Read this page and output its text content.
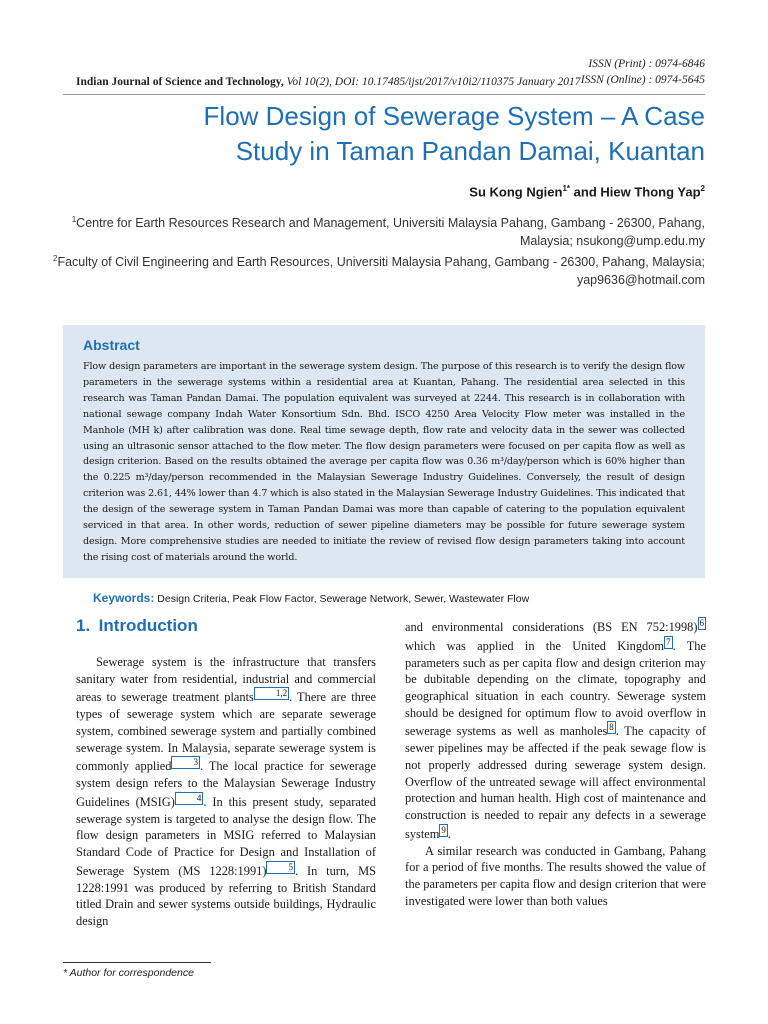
ISSN (Print) : 0974-6846
ISSN (Online) : 0974-5645
Indian Journal of Science and Technology, Vol 10(2), DOI: 10.17485/ijst/2017/v10i2/110375 January 2017
Flow Design of Sewerage System – A Case
Study in Taman Pandan Damai, Kuantan
Su Kong Ngien$^{1*}$ and Hiew Thong Yap$^2$
$^1$Centre for Earth Resources Research and Management, Universiti Malaysia Pahang, Gambang - 26300, Pahang,
Malaysia; nsukong@ump.edu.my
$^2$Faculty of Civil Engineering and Earth Resources, Universiti Malaysia Pahang, Gambang - 26300, Pahang, Malaysia;
yap9636@hotmail.com
Abstract
Flow design parameters are important in the sewerage system design. The purpose of this research is to verify the design flow parameters in the sewerage systems within a residential area at Kuantan, Pahang. The residential area selected in this research was Taman Pandan Damai. The population equivalent was surveyed at 2244. This research is in collaboration with national sewage company Indah Water Konsortium Sdn. Bhd. ISCO 4250 Area Velocity Flow meter was installed in the Manhole (MH k) after calibration was done. Real time sewage depth, flow rate and velocity data in the sewer was collected using an ultrasonic sensor attached to the flow meter. The flow design parameters were focused on per capita flow as well as design criterion. Based on the results obtained the average per capita flow was 0.36 m³/day/person which is 60% higher than the 0.225 m³/day/person recommended in the Malaysian Sewerage Industry Guidelines. Conversely, the result of design criterion was 2.61, 44% lower than 4.7 which is also stated in the Malaysian Sewerage Industry Guidelines. This indicated that the design of the sewerage system in Taman Pandan Damai was more than capable of catering to the population equivalent serviced in that area. In other words, reduction of sewer pipeline diameters may be possible for future sewerage system design. More comprehensive studies are needed to initiate the review of revised flow design parameters taking into account the rising cost of materials around the world.
Keywords: Design Criteria, Peak Flow Factor, Sewerage Network, Sewer, Wastewater Flow
1. Introduction

Sewerage system is the infrastructure that transfers sanitary water from residential, industrial and commercial areas to sewerage treatment plants 1,2 . There are three types of sewerage system which are separate sewerage system, combined sewerage system and partially combined sewerage system. In Malaysia, separate sewerage system is commonly applied 3 . The local practice for sewerage system design refers to the Malaysian Sewerage Industry Guidelines (MSIG) 4 . In this present study, separated sewerage system is targeted to analyse the design flow. The flow design parameters in MSIG referred to Malaysian Standard Code of Practice for Design and Installation of Sewerage System (MS 1228:1991) 5 . In turn, MS 1228:1991 was produced by referring to British Standard titled Drain and sewer systems outside buildings, Hydraulic design

and environmental considerations (BS EN 752:1998) 6 which was applied in the United Kingdom 7 . The parameters such as per capita flow and design criterion may be dubitable depending on the climate, topography and geographical situation in each country. Sewerage system should be designed for optimum flow to avoid overflow in sewerage systems as well as manholes 8 . The capacity of sewer pipelines may be affected if the peak sewage flow is not properly addressed during sewerage system design. Overflow of the untreated sewage will affect environmental protection and human health. High cost of maintenance and construction is needed to repair any defects in a sewerage system 9 .

A similar research was conducted in Gambang, Pahang for a period of five months. The results showed the value of the parameters per capita flow and design criterion that were investigated were lower than both values

* Author for correspondence
